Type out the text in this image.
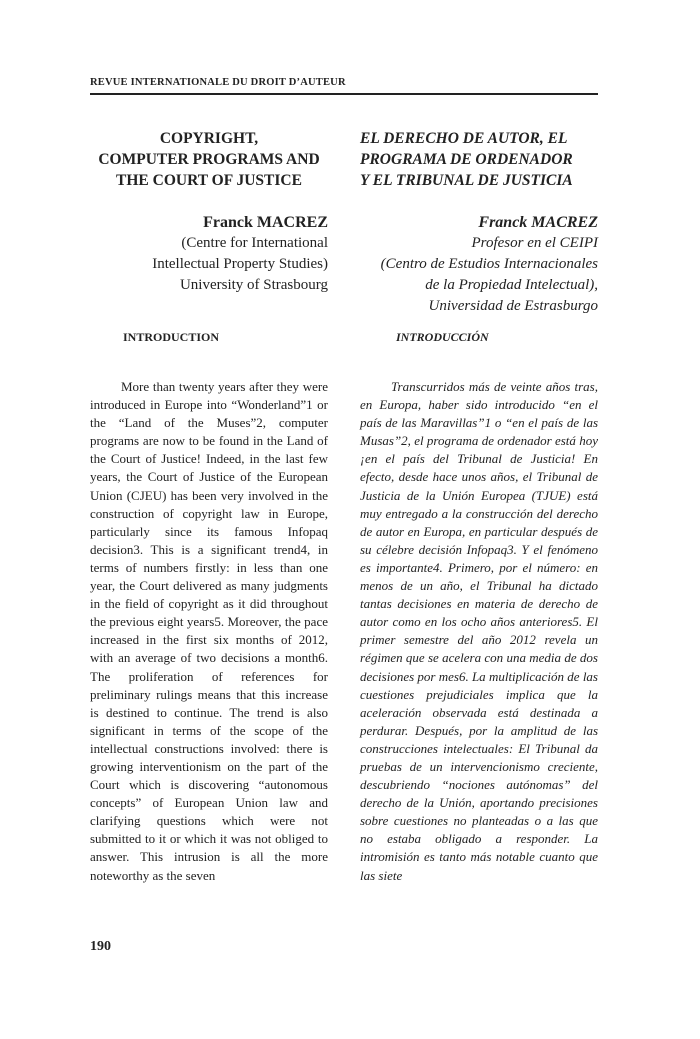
REVUE INTERNATIONALE DU DROIT D’AUTEUR
COPYRIGHT,
COMPUTER PROGRAMS AND
THE COURT OF JUSTICE
Franck MACREZ
(Centre for International
Intellectual Property Studies)
University of Strasbourg
INTRODUCTION

More than twenty years after they were introduced in Europe into “Wonderland”1 or the “Land of the Muses”2, computer programs are now to be found in the Land of the Court of Justice! Indeed, in the last few years, the Court of Justice of the European Union (CJEU) has been very involved in the construction of copyright law in Europe, particularly since its famous Infopaq decision3. This is a significant trend4, in terms of numbers firstly: in less than one year, the Court delivered as many judgments in the field of copyright as it did throughout the previous eight years5. Moreover, the pace increased in the first six months of 2012, with an average of two decisions a month6. The proliferation of references for preliminary rulings means that this increase is destined to continue. The trend is also significant in terms of the scope of the intellectual constructions involved: there is growing interventionism on the part of the Court which is discovering “autonomous concepts” of European Union law and clarifying questions which were not submitted to it or which it was not obliged to answer. This intrusion is all the more noteworthy as the seven

EL DERECHO DE AUTOR, EL
PROGRAMA DE ORDENADOR
Y EL TRIBUNAL DE JUSTICIA
Franck MACREZ
Profesor en el CEIPI
(Centro de Estudios Internacionales
de la Propiedad Intelectual),
Universidad de Estrasburgo
INTRODUCCIÓN

Transcurridos más de veinte años tras, en Europa, haber sido introducido “en el país de las Maravillas”1 o “en el país de las Musas”2, el programa de ordenador está hoy ¡en el país del Tribunal de Justicia! En efecto, desde hace unos años, el Tribunal de Justicia de la Unión Europea (TJUE) está muy entregado a la construcción del derecho de autor en Europa, en particular después de su célebre decisión Infopaq3. Y el fenómeno es importante4. Primero, por el número: en menos de un año, el Tribunal ha dictado tantas decisiones en materia de derecho de autor como en los ocho años anteriores5. El primer semestre del año 2012 revela un régimen que se acelera con una media de dos decisiones por mes6. La multiplicación de las cuestiones prejudiciales implica que la aceleración observada está destinada a perdurar. Después, por la amplitud de las construcciones intelectuales: El Tribunal da pruebas de un intervencionismo creciente, descubriendo “nociones autónomas” del derecho de la Unión, aportando precisiones sobre cuestiones no planteadas o a las que no estaba obligado a responder. La intromisión es tanto más notable cuanto que las siete

190
